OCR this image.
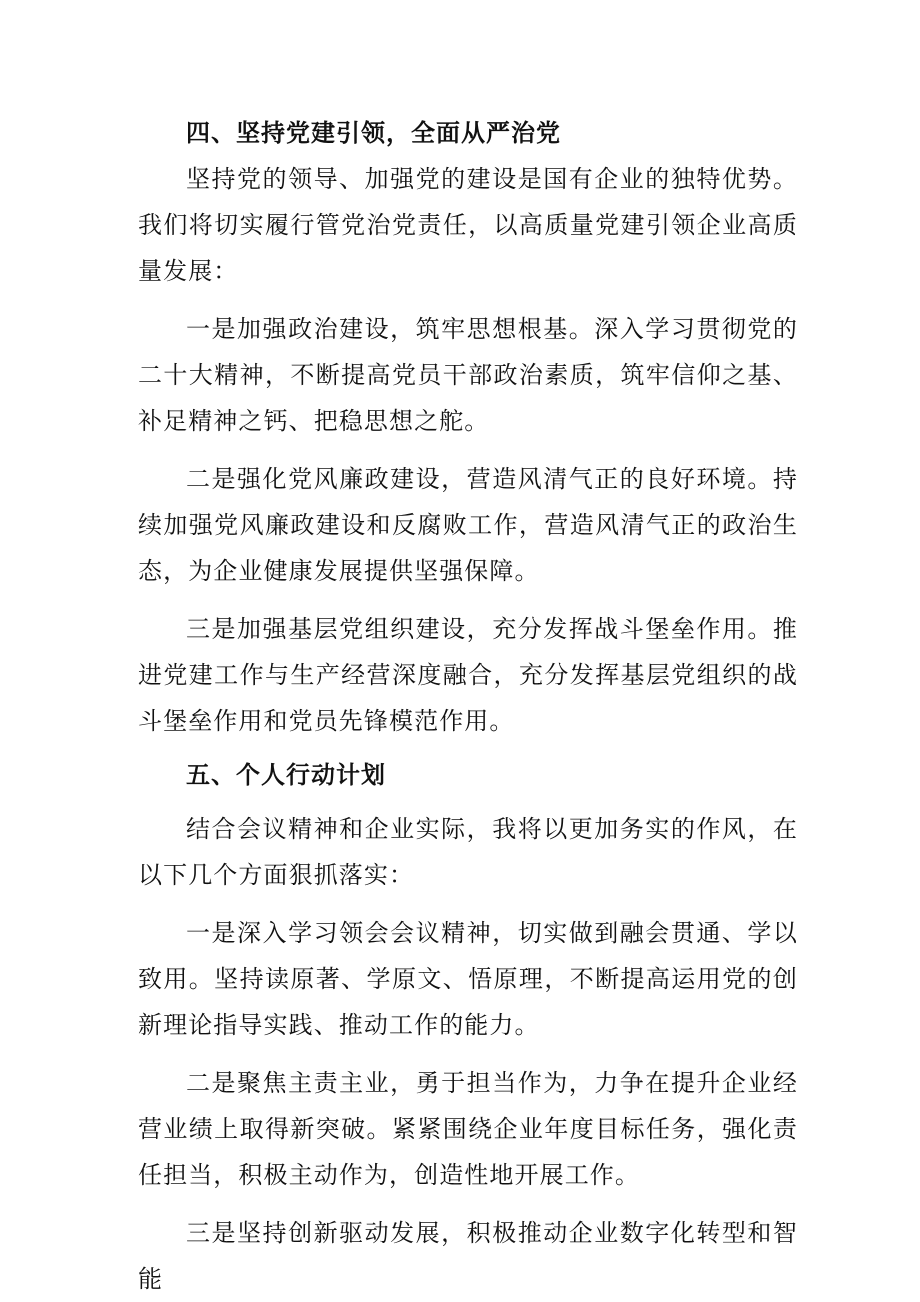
四、坚持党建引领，全面从严治党

坚持党的领导、加强党的建设是国有企业的独特优势。我们将切实履行管党治党责任，以高质量党建引领企业高质量发展：

一是加强政治建设，筑牢思想根基。深入学习贯彻党的二十大精神，不断提高党员干部政治素质，筑牢信仰之基、补足精神之钙、把稳思想之舵。

二是强化党风廉政建设，营造风清气正的良好环境。持续加强党风廉政建设和反腐败工作，营造风清气正的政治生态，为企业健康发展提供坚强保障。

三是加强基层党组织建设，充分发挥战斗堡垒作用。推进党建工作与生产经营深度融合，充分发挥基层党组织的战斗堡垒作用和党员先锋模范作用。

五、个人行动计划

结合会议精神和企业实际，我将以更加务实的作风，在以下几个方面狠抓落实：

一是深入学习领会会议精神，切实做到融会贯通、学以致用。坚持读原著、学原文、悟原理，不断提高运用党的创新理论指导实践、推动工作的能力。

二是聚焦主责主业，勇于担当作为，力争在提升企业经营业绩上取得新突破。紧紧围绕企业年度目标任务，强化责任担当，积极主动作为，创造性地开展工作。

三是坚持创新驱动发展，积极推动企业数字化转型和智能
